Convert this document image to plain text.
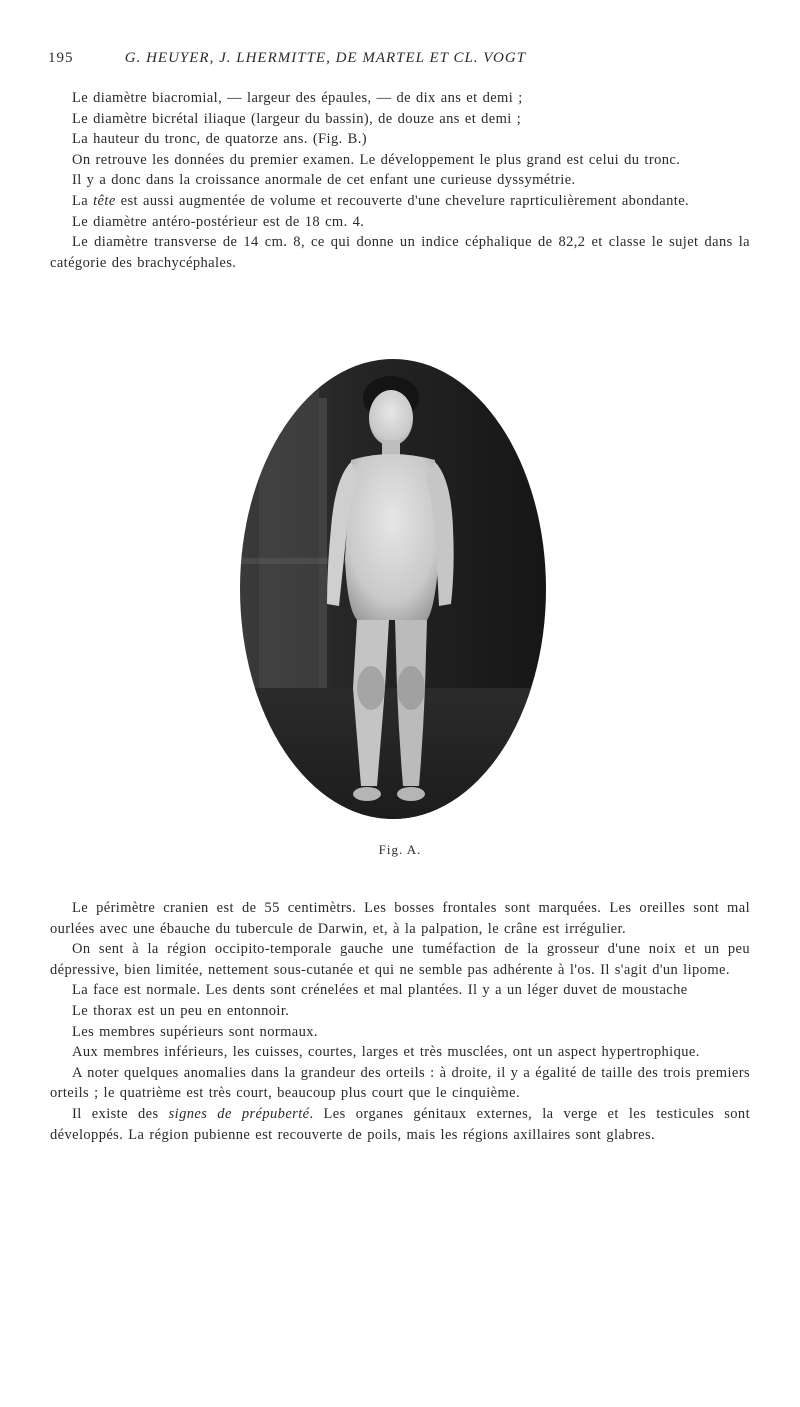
195	G. HEUYER, J. LHERMITTE, DE MARTEL ET CL. VOGT

Le diamètre biacromial, — largeur des épaules, — de dix ans et demi ;

Le diamètre bicrétal iliaque (largeur du bassin), de douze ans et demi ;

La hauteur du tronc, de quatorze ans. (Fig. B.)

On retrouve les données du premier examen. Le développement le plus grand est celui du tronc.

Il y a donc dans la croissance anormale de cet enfant une curieuse dyssymétrie.

La tête est aussi augmentée de volume et recouverte d'une chevelure raprticulièrement abondante.

Le diamètre antéro-postérieur est de 18 cm. 4.

Le diamètre transverse de 14 cm. 8, ce qui donne un indice céphalique de 82,2 et classe le sujet dans la catégorie des brachycéphales.

Fig. A.

Le périmètre cranien est de 55 centimètrs. Les bosses frontales sont marquées. Les oreilles sont mal ourlées avec une ébauche du tubercule de Darwin, et, à la palpation, le crâne est irrégulier.

On sent à la région occipito-temporale gauche une tuméfaction de la grosseur d'une noix et un peu dépressive, bien limitée, nettement sous-cutanée et qui ne semble pas adhérente à l'os. Il s'agit d'un lipome.

La face est normale. Les dents sont crénelées et mal plantées. Il y a un léger duvet de moustache

Le thorax est un peu en entonnoir.

Les membres supérieurs sont normaux.

Aux membres inférieurs, les cuisses, courtes, larges et très musclées, ont un aspect hypertrophique.

A noter quelques anomalies dans la grandeur des orteils : à droite, il y a égalité de taille des trois premiers orteils ; le quatrième est très court, beaucoup plus court que le cinquième.

Il existe des signes de prépuberté. Les organes génitaux externes, la verge et les testicules sont développés. La région pubienne est recouverte de poils, mais les régions axillaires sont glabres.
